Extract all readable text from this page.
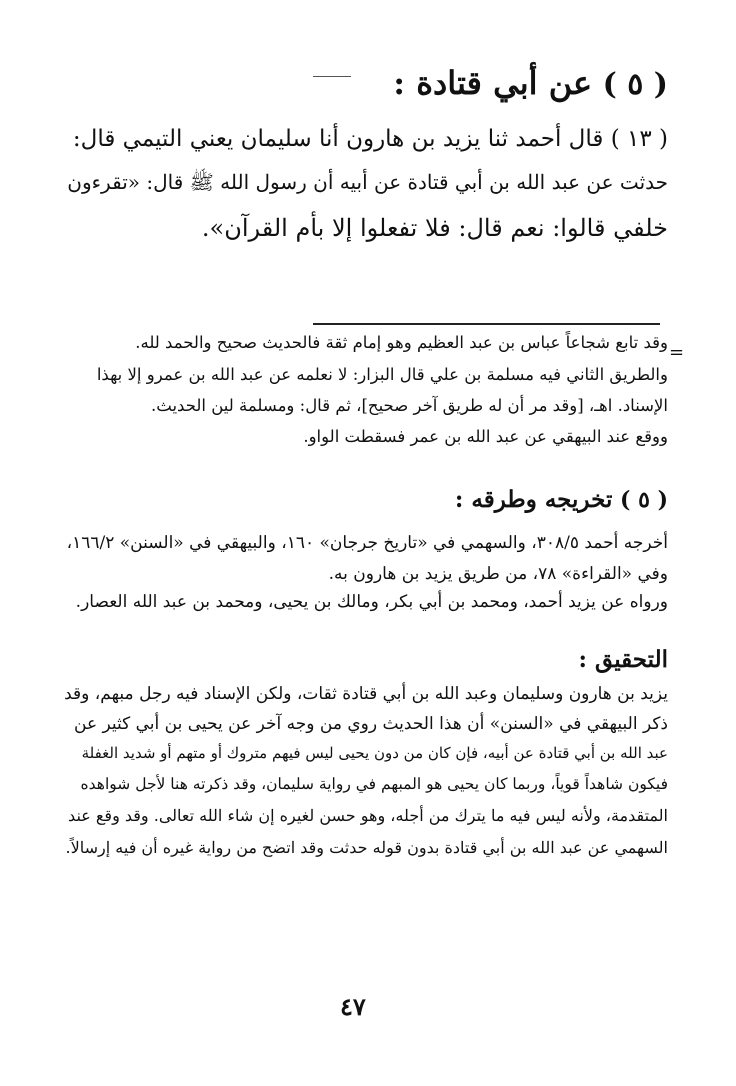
( ٥ ) عن أبي قتادة :
( ١٣ ) قال أحمد ثنا يزيد بن هارون أنا سليمان يعني التيمي قال:
حدثت عن عبد الله بن أبي قتادة عن أبيه أن رسول الله ﷺ قال: «تقرءون
خلفي قالوا: نعم قال: فلا تفعلوا إلا بأم القرآن».
=
وقد تابع شجاعاً عباس بن عبد العظيم وهو إمام ثقة فالحديث صحيح والحمد لله.
والطريق الثاني فيه مسلمة بن علي قال البزار: لا نعلمه عن عبد الله بن عمرو إلا بهذا
الإسناد. اهـ، [وقد مر أن له طريق آخر صحيح]، ثم قال: ومسلمة لين الحديث.
ووقع عند البيهقي عن عبد الله بن عمر فسقطت الواو.
( ٥ ) تخريجه وطرقه :
أخرجه أحمد ٣٠٨/٥، والسهمي في «تاريخ جرجان» ١٦٠، والبيهقي في «السنن» ١٦٦/٢،
وفي «القراءة» ٧٨، من طريق يزيد بن هارون به.
ورواه عن يزيد أحمد، ومحمد بن أبي بكر، ومالك بن يحيى، ومحمد بن عبد الله العصار.
التحقيق :
يزيد بن هارون وسليمان وعبد الله بن أبي قتادة ثقات، ولكن الإسناد فيه رجل مبهم، وقد
ذكر البيهقي في «السنن» أن هذا الحديث روي من وجه آخر عن يحيى بن أبي كثير عن
عبد الله بن أبي قتادة عن أبيه، فإن كان من دون يحيى ليس فيهم متروك أو متهم أو شديد الغفلة
فيكون شاهداً قوياً، وربما كان يحيى هو المبهم في رواية سليمان، وقد ذكرته هنا لأجل شواهده
المتقدمة، ولأنه ليس فيه ما يترك من أجله، وهو حسن لغيره إن شاء الله تعالى. وقد وقع عند
السهمي عن عبد الله بن أبي قتادة بدون قوله حدثت وقد اتضح من رواية غيره أن فيه إرسالاً.
٤٧
